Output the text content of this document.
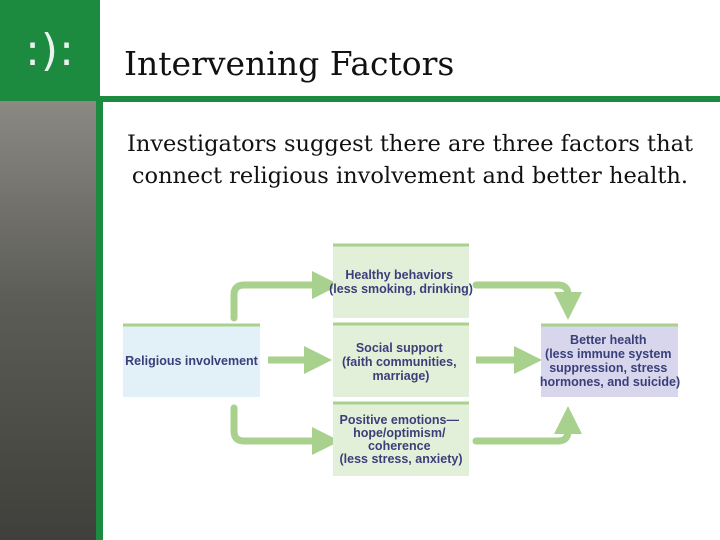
:):	Intervening Factors

Investigators suggest there are three factors that connect religious involvement and better health.

Religious involvement
Healthy behaviors (less smoking, drinking)
Social support (faith communities, marriage)
Positive emotions— hope/optimism/ coherence (less stress, anxiety)
Better health (less immune system suppression, stress hormones, and suicide)
